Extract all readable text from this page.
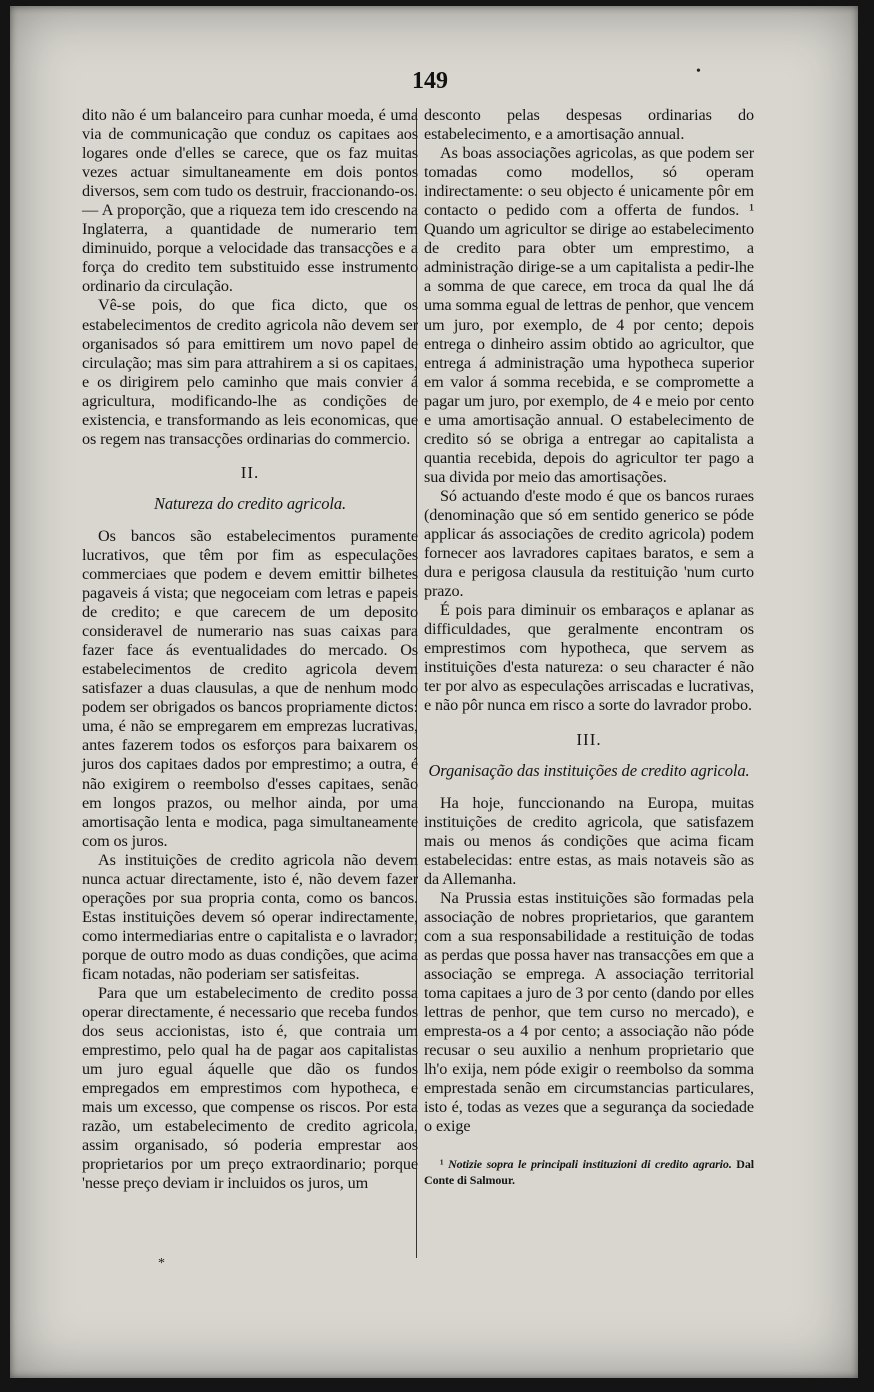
•
149

dito não é um balanceiro para cunhar moeda, é uma via de communicação que conduz os capitaes aos logares onde d'elles se carece, que os faz muitas vezes actuar simultaneamente em dois pontos diversos, sem com tudo os destruir, fraccionando-os. — A proporção, que a riqueza tem ido crescendo na Inglaterra, a quantidade de numerario tem diminuido, porque a velocidade das transacções e a força do credito tem substituido esse instrumento ordinario da circulação.

Vê-se pois, do que fica dicto, que os estabelecimentos de credito agricola não devem ser organisados só para emittirem um novo papel de circulação; mas sim para attrahirem a si os capitaes, e os dirigirem pelo caminho que mais convier á agricultura, modificando-lhe as condições de existencia, e transformando as leis economicas, que os regem nas transacções ordinarias do commercio.

II.
Natureza do credito agricola.

Os bancos são estabelecimentos puramente lucrativos, que têm por fim as especulações commerciaes que podem e devem emittir bilhetes pagaveis á vista; que negoceiam com letras e papeis de credito; e que carecem de um deposito consideravel de numerario nas suas caixas para fazer face ás eventualidades do mercado. Os estabelecimentos de credito agricola devem satisfazer a duas clausulas, a que de nenhum modo podem ser obrigados os bancos propriamente dictos: uma, é não se empregarem em emprezas lucrativas, antes fazerem todos os esforços para baixarem os juros dos capitaes dados por emprestimo; a outra, é não exigirem o reembolso d'esses capitaes, senão em longos prazos, ou melhor ainda, por uma amortisação lenta e modica, paga simultaneamente com os juros.

As instituições de credito agricola não devem nunca actuar directamente, isto é, não devem fazer operações por sua propria conta, como os bancos. Estas instituições devem só operar indirectamente, como intermediarias entre o capitalista e o lavrador; porque de outro modo as duas condições, que acima ficam notadas, não poderiam ser satisfeitas.

Para que um estabelecimento de credito possa operar directamente, é necessario que receba fundos dos seus accionistas, isto é, que contraia um emprestimo, pelo qual ha de pagar aos capitalistas um juro egual áquelle que dão os fundos empregados em emprestimos com hypotheca, e mais um excesso, que compense os riscos. Por esta razão, um estabelecimento de credito agricola, assim organisado, só poderia emprestar aos proprietarios por um preço extraordinario; porque 'nesse preço deviam ir incluidos os juros, um

desconto pelas despesas ordinarias do estabelecimento, e a amortisação annual.

As boas associações agricolas, as que podem ser tomadas como modellos, só operam indirectamente: o seu objecto é unicamente pôr em contacto o pedido com a offerta de fundos. ¹ Quando um agricultor se dirige ao estabelecimento de credito para obter um emprestimo, a administração dirige-se a um capitalista a pedir-lhe a somma de que carece, em troca da qual lhe dá uma somma egual de lettras de penhor, que vencem um juro, por exemplo, de 4 por cento; depois entrega o dinheiro assim obtido ao agricultor, que entrega á administração uma hypotheca superior em valor á somma recebida, e se compromette a pagar um juro, por exemplo, de 4 e meio por cento e uma amortisação annual. O estabelecimento de credito só se obriga a entregar ao capitalista a quantia recebida, depois do agricultor ter pago a sua divida por meio das amortisações.

Só actuando d'este modo é que os bancos ruraes (denominação que só em sentido generico se póde applicar ás associações de credito agricola) podem fornecer aos lavradores capitaes baratos, e sem a dura e perigosa clausula da restituição 'num curto prazo.

É pois para diminuir os embaraços e aplanar as difficuldades, que geralmente encontram os emprestimos com hypotheca, que servem as instituições d'esta natureza: o seu character é não ter por alvo as especulações arriscadas e lucrativas, e não pôr nunca em risco a sorte do lavrador probo.

III.
Organisação das instituições de credito agricola.

Ha hoje, funccionando na Europa, muitas instituições de credito agricola, que satisfazem mais ou menos ás condições que acima ficam estabelecidas: entre estas, as mais notaveis são as da Allemanha.

Na Prussia estas instituições são formadas pela associação de nobres proprietarios, que garantem com a sua responsabilidade a restituição de todas as perdas que possa haver nas transacções em que a associação se emprega. A associação territorial toma capitaes a juro de 3 por cento (dando por elles lettras de penhor, que tem curso no mercado), e empresta-os a 4 por cento; a associação não póde recusar o seu auxilio a nenhum proprietario que lh'o exija, nem póde exigir o reembolso da somma emprestada senão em circumstancias particulares, isto é, todas as vezes que a segurança da sociedade o exige

¹ Notizie sopra le principali instituzioni di credito agrario. Dal Conte di Salmour.

*
